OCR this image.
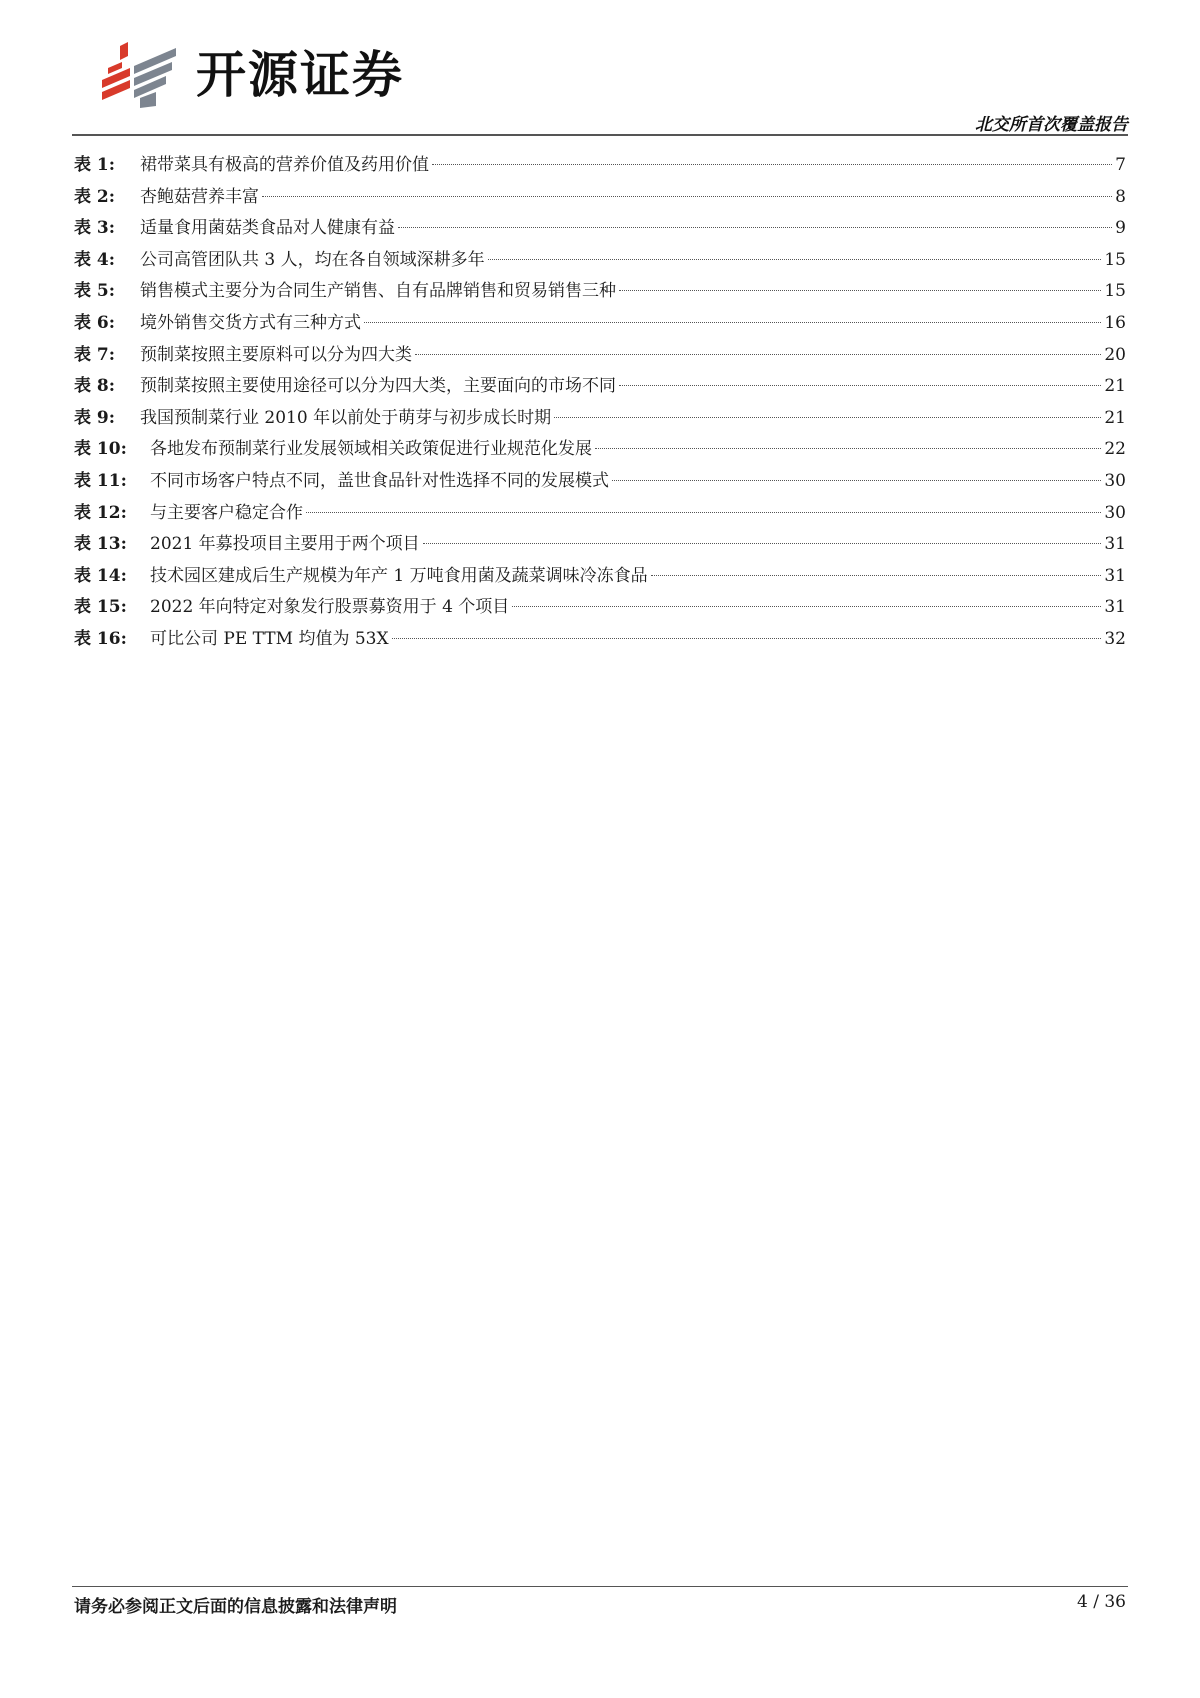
开源证券
北交所首次覆盖报告
表 1:	裙带菜具有极高的营养价值及药用价值	7
表 2:	杏鲍菇营养丰富	8
表 3:	适量食用菌菇类食品对人健康有益	9
表 4:	公司高管团队共 3 人，均在各自领域深耕多年	15
表 5:	销售模式主要分为合同生产销售、自有品牌销售和贸易销售三种	15
表 6:	境外销售交货方式有三种方式	16
表 7:	预制菜按照主要原料可以分为四大类	20
表 8:	预制菜按照主要使用途径可以分为四大类，主要面向的市场不同	21
表 9:	我国预制菜行业 2010 年以前处于萌芽与初步成长时期	21
表 10:	各地发布预制菜行业发展领域相关政策促进行业规范化发展	22
表 11:	不同市场客户特点不同，盖世食品针对性选择不同的发展模式	30
表 12:	与主要客户稳定合作	30
表 13:	2021 年募投项目主要用于两个项目	31
表 14:	技术园区建成后生产规模为年产 1 万吨食用菌及蔬菜调味冷冻食品	31
表 15:	2022 年向特定对象发行股票募资用于 4 个项目	31
表 16:	可比公司 PE TTM 均值为 53X	32
请务必参阅正文后面的信息披露和法律声明	4 / 36
